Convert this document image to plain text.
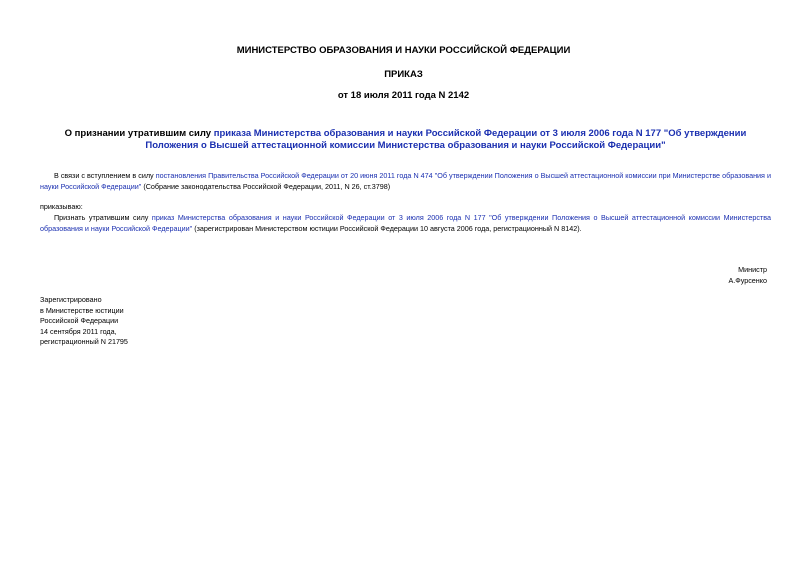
МИНИСТЕРСТВО ОБРАЗОВАНИЯ И НАУКИ РОССИЙСКОЙ ФЕДЕРАЦИИ
ПРИКАЗ
от 18 июля 2011 года N 2142
О признании утратившим силу приказа Министерства образования и науки Российской Федерации от 3 июля 2006 года N 177 "Об утверждении Положения о Высшей аттестационной комиссии Министерства образования и науки Российской Федерации"
В связи с вступлением в силу постановления Правительства Российской Федерации от 20 июня 2011 года N 474 "Об утверждении Положения о Высшей аттестационной комиссии при Министерстве образования и науки Российской Федерации" (Собрание законодательства Российской Федерации, 2011, N 26, ст.3798)
приказываю:
Признать утратившим силу приказ Министерства образования и науки Российской Федерации от 3 июля 2006 года N 177 "Об утверждении Положения о Высшей аттестационной комиссии Министерства образования и науки Российской Федерации" (зарегистрирован Министерством юстиции Российской Федерации 10 августа 2006 года, регистрационный N 8142).
Министр
А.Фурсенко
Зарегистрировано
в Министерстве юстиции
Российской Федерации
14 сентября 2011 года,
регистрационный N 21795
